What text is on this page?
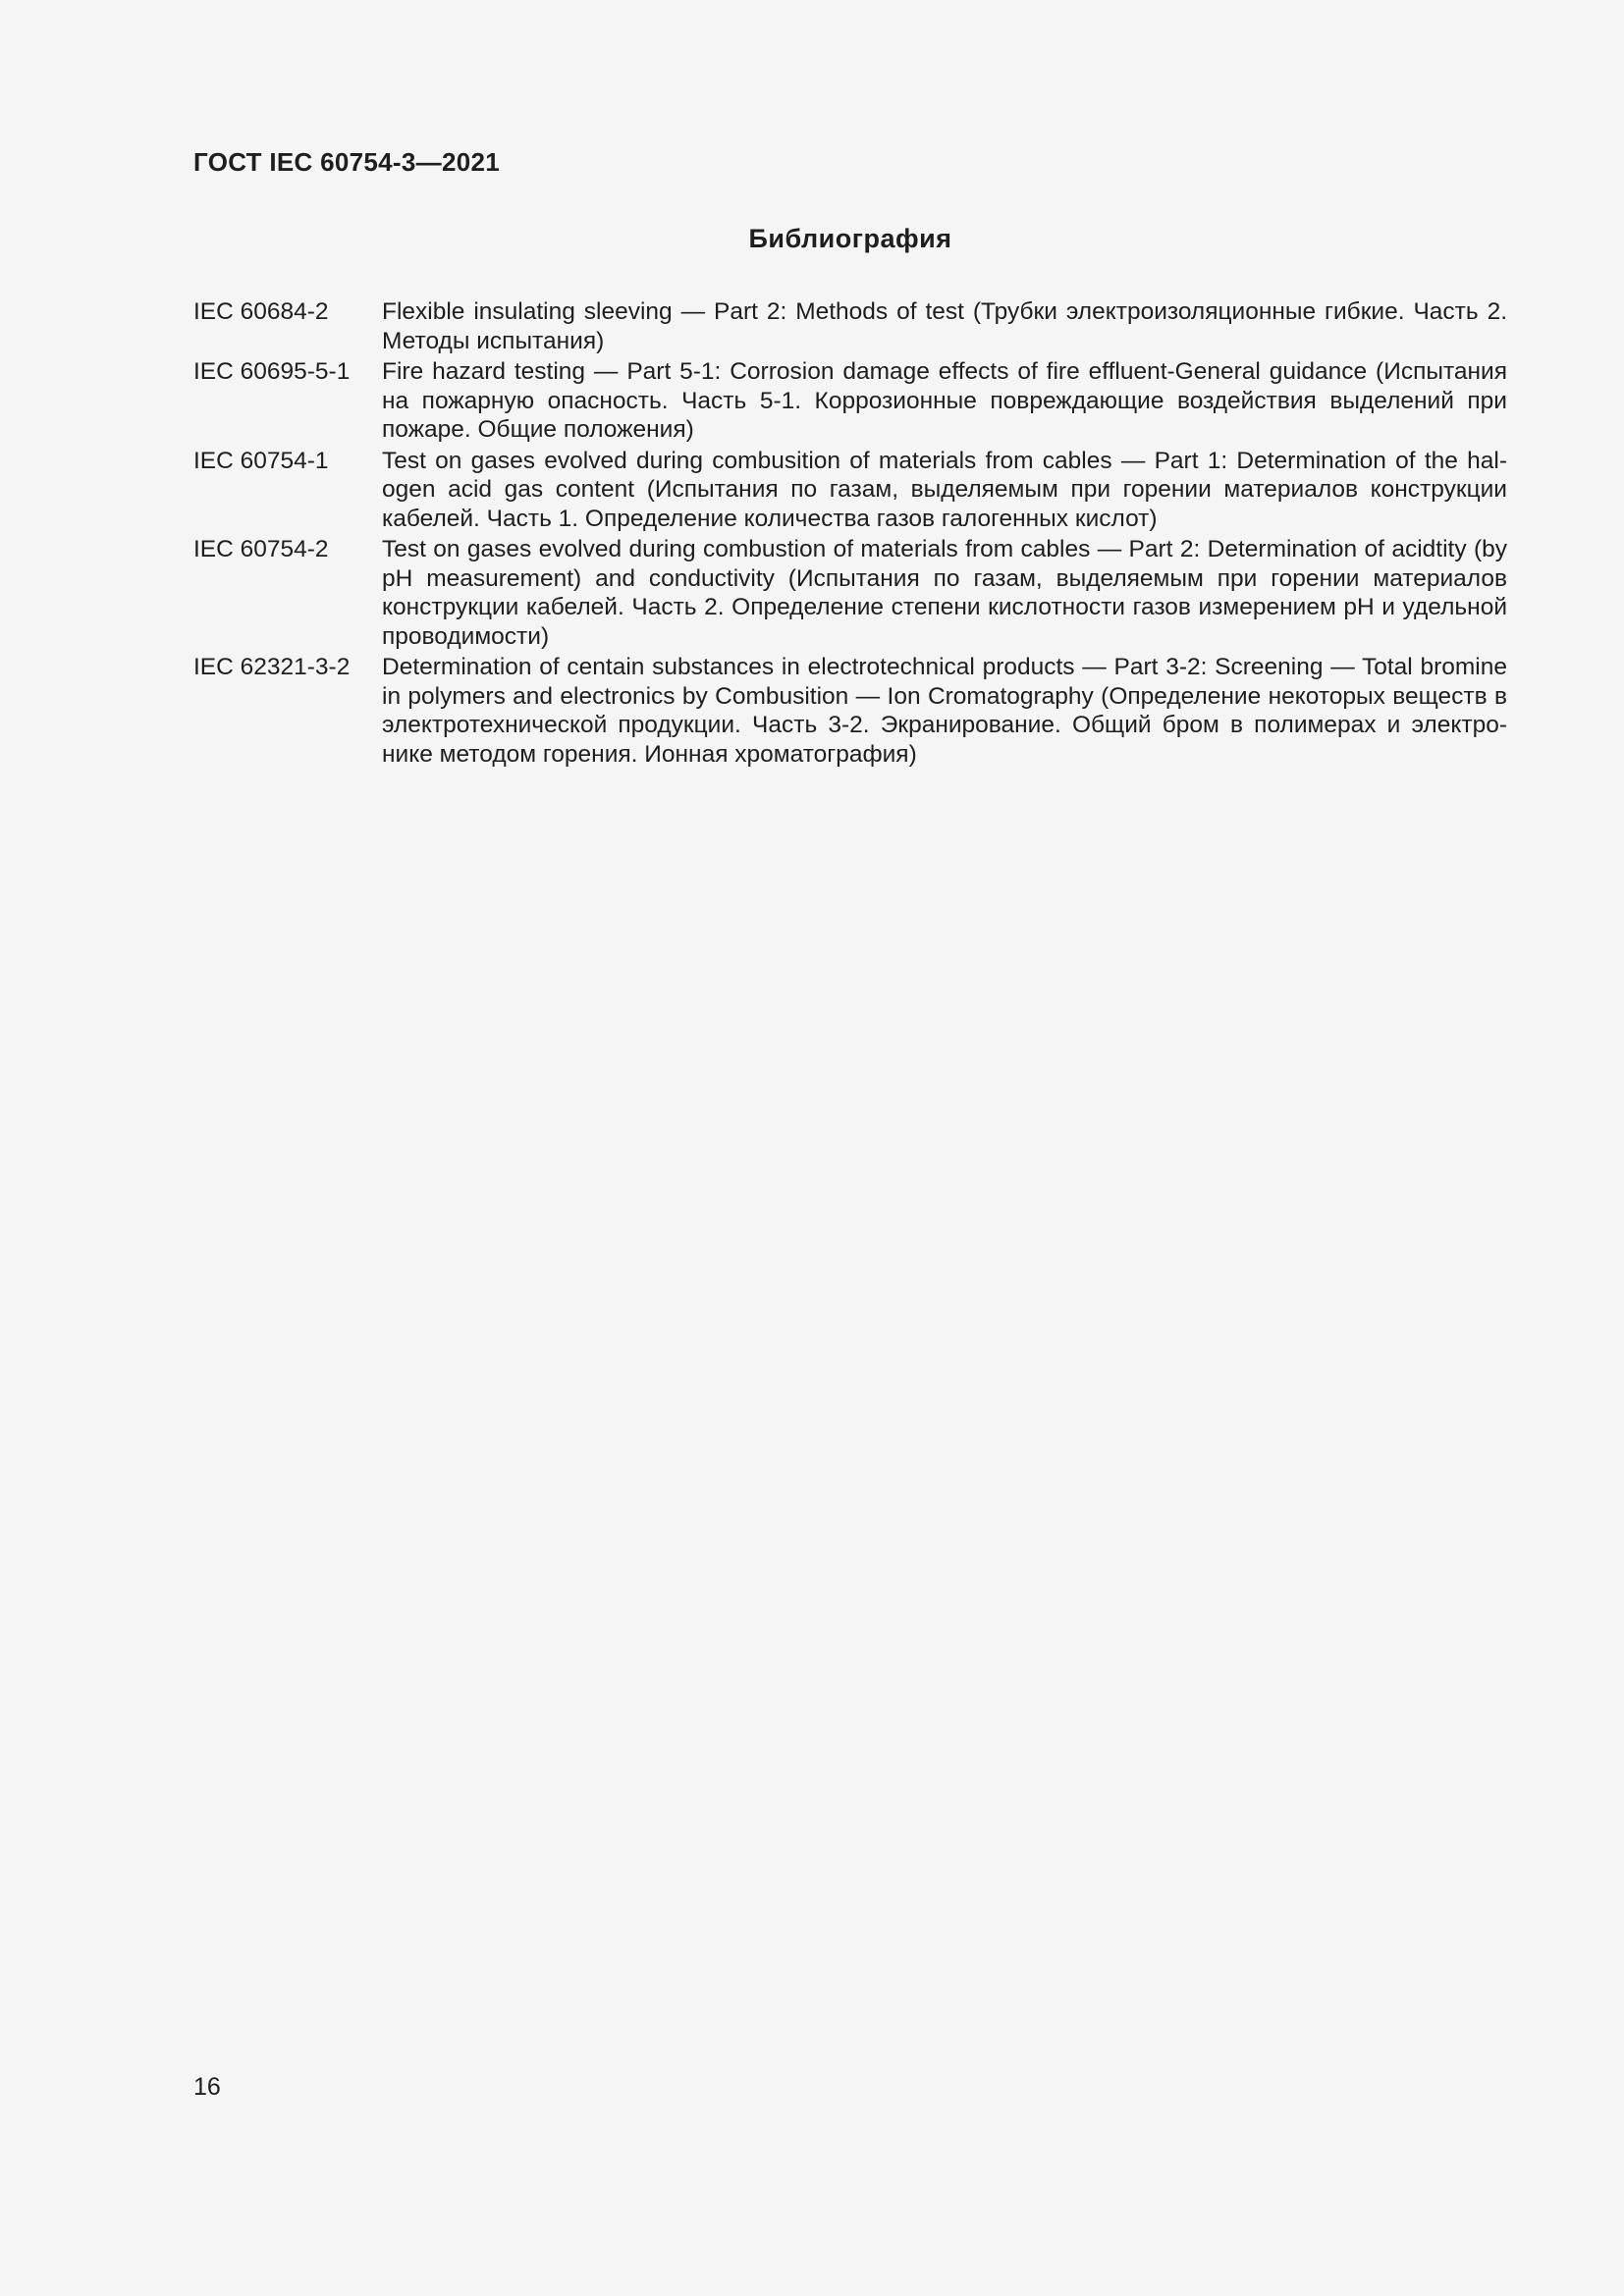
ГОСТ IEC 60754-3—2021
Библиография
IEC 60684-2	Flexible insulating sleeving — Part 2: Methods of test (Трубки электроизоляционные гибкие. Часть 2. Методы испытания)
IEC 60695-5-1	Fire hazard testing — Part 5-1: Corrosion damage effects of fire effluent-General guidance (Испытания на пожарную опасность. Часть 5-1. Коррозионные повреждающие воздействия выделений при пожаре. Общие положения)
IEC 60754-1	Test on gases evolved during combusition of materials from cables — Part 1: Determination of the halogen acid gas content (Испытания по газам, выделяемым при горении материалов конструкции кабелей. Часть 1. Определение количества газов галогенных кислот)
IEC 60754-2	Test on gases evolved during combustion of materials from cables — Part 2: Determination of acidtity (by pH measurement) and conductivity (Испытания по газам, выделяемым при горении материалов конструкции кабелей. Часть 2. Определение степени кислотности газов измерением pH и удельной проводимости)
IEC 62321-3-2	Determination of centain substances in electrotechnical products — Part 3-2: Screening — Total bromine in polymers and electronics by Combusition — Ion Cromatography (Определение некоторых веществ в электротехнической продукции. Часть 3-2. Экранирование. Общий бром в полимерах и электронике методом горения. Ионная хроматография)

16
